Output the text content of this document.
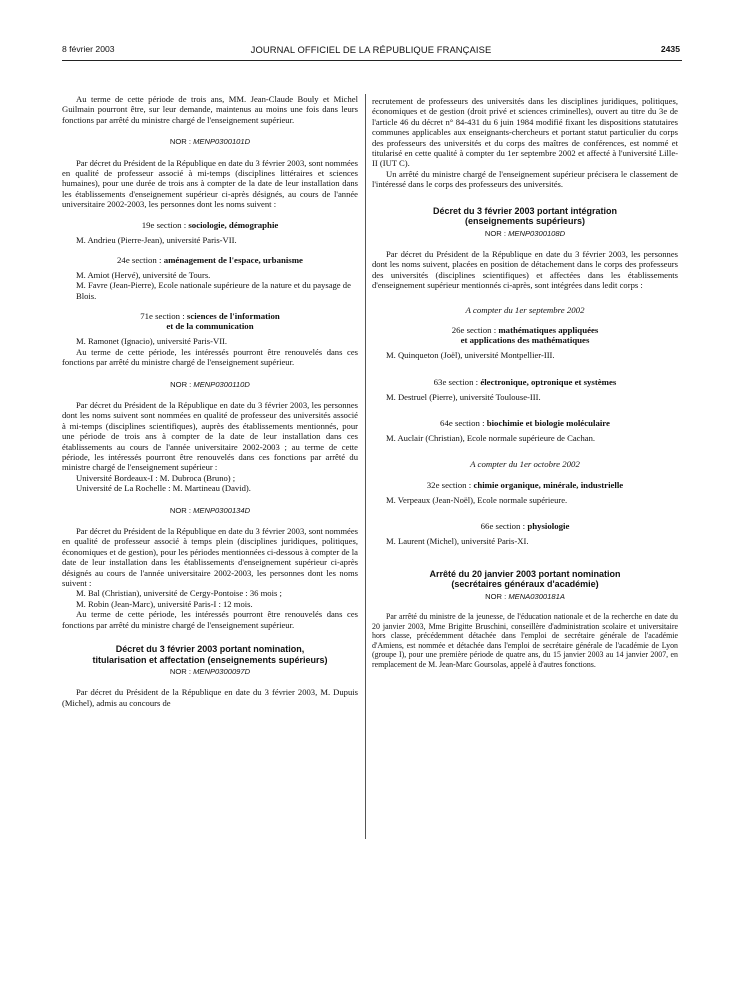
8 février 2003	JOURNAL OFFICIEL DE LA RÉPUBLIQUE FRANÇAISE	2435

Au terme de cette période de trois ans, MM. Jean-Claude Bouly et Michel Guilmain pourront être, sur leur demande, maintenus au moins une fois dans leurs fonctions par arrêté du ministre chargé de l'enseignement supérieur.

NOR : MENP0300101D

Par décret du Président de la République en date du 3 février 2003, sont nommées en qualité de professeur associé à mi-temps (disciplines littéraires et sciences humaines), pour une durée de trois ans à compter de la date de leur installation dans les établissements d'enseignement supérieur ci-après désignés, au cours de l'année universitaire 2002-2003, les personnes dont les noms suivent :

19e section : sociologie, démographie

M. Andrieu (Pierre-Jean), université Paris-VII.

24e section : aménagement de l'espace, urbanisme

M. Amiot (Hervé), université de Tours.

M. Favre (Jean-Pierre), Ecole nationale supérieure de la nature et du paysage de Blois.

71e section : sciences de l'information
et de la communication

M. Ramonet (Ignacio), université Paris-VII.

Au terme de cette période, les intéressés pourront être renouvelés dans ces fonctions par arrêté du ministre chargé de l'enseignement supérieur.

NOR : MENP0300110D

Par décret du Président de la République en date du 3 février 2003, les personnes dont les noms suivent sont nommées en qualité de professeur des universités associé à mi-temps (disciplines scientifiques), auprès des établissements mentionnés, pour une période de trois ans à compter de la date de leur installation dans ces établissements au cours de l'année universitaire 2002-2003 ; au terme de cette période, les intéressés pourront être renouvelés dans ces fonctions par arrêté du ministre chargé de l'enseignement supérieur :

Université Bordeaux-I : M. Dubroca (Bruno) ;

Université de La Rochelle : M. Martineau (David).

NOR : MENP0300134D

Par décret du Président de la République en date du 3 février 2003, sont nommées en qualité de professeur associé à temps plein (disciplines juridiques, politiques, économiques et de gestion), pour les périodes mentionnées ci-dessous à compter de la date de leur installation dans les établissements d'enseignement supérieur ci-après désignés au cours de l'année universitaire 2002-2003, les personnes dont les noms suivent :

M. Bal (Christian), université de Cergy-Pontoise : 36 mois ;

M. Robin (Jean-Marc), université Paris-I : 12 mois.

Au terme de cette période, les intéressés pourront être renouvelés dans ces fonctions par arrêté du ministre chargé de l'enseignement supérieur.

Décret du 3 février 2003 portant nomination,
titularisation et affectation (enseignements supérieurs)

NOR : MENP0300097D

Par décret du Président de la République en date du 3 février 2003, M. Dupuis (Michel), admis au concours de

recrutement de professeurs des universités dans les disciplines juridiques, politiques, économiques et de gestion (droit privé et sciences criminelles), ouvert au titre du 3e de l'article 46 du décret n° 84-431 du 6 juin 1984 modifié fixant les dispositions statutaires communes applicables aux enseignants-chercheurs et portant statut particulier du corps des professeurs des universités et du corps des maîtres de conférences, est nommé et titularisé en cette qualité à compter du 1er septembre 2002 et affecté à l'université Lille-II (IUT C).

Un arrêté du ministre chargé de l'enseignement supérieur précisera le classement de l'intéressé dans le corps des professeurs des universités.

Décret du 3 février 2003 portant intégration
(enseignements supérieurs)

NOR : MENP0300108D

Par décret du Président de la République en date du 3 février 2003, les personnes dont les noms suivent, placées en position de détachement dans le corps des professeurs des universités (disciplines scientifiques) et affectées dans les établissements d'enseignement supérieur mentionnés ci-après, sont intégrées dans ledit corps :

A compter du 1er septembre 2002

26e section : mathématiques appliquées
et applications des mathématiques

M. Quinqueton (Joël), université Montpellier-III.

63e section : électronique, optronique et systèmes

M. Destruel (Pierre), université Toulouse-III.

64e section : biochimie et biologie moléculaire

M. Auclair (Christian), Ecole normale supérieure de Cachan.

A compter du 1er octobre 2002

32e section : chimie organique, minérale, industrielle

M. Verpeaux (Jean-Noël), Ecole normale supérieure.

66e section : physiologie

M. Laurent (Michel), université Paris-XI.

Arrêté du 20 janvier 2003 portant nomination
(secrétaires généraux d'académie)

NOR : MENA0300181A

Par arrêté du ministre de la jeunesse, de l'éducation nationale et de la recherche en date du 20 janvier 2003, Mme Brigitte Bruschini, conseillère d'administration scolaire et universitaire hors classe, précédemment détachée dans l'emploi de secrétaire générale de l'académie d'Amiens, est nommée et détachée dans l'emploi de secrétaire générale de l'académie de Lyon (groupe I), pour une première période de quatre ans, du 15 janvier 2003 au 14 janvier 2007, en remplacement de M. Jean-Marc Goursolas, appelé à d'autres fonctions.
